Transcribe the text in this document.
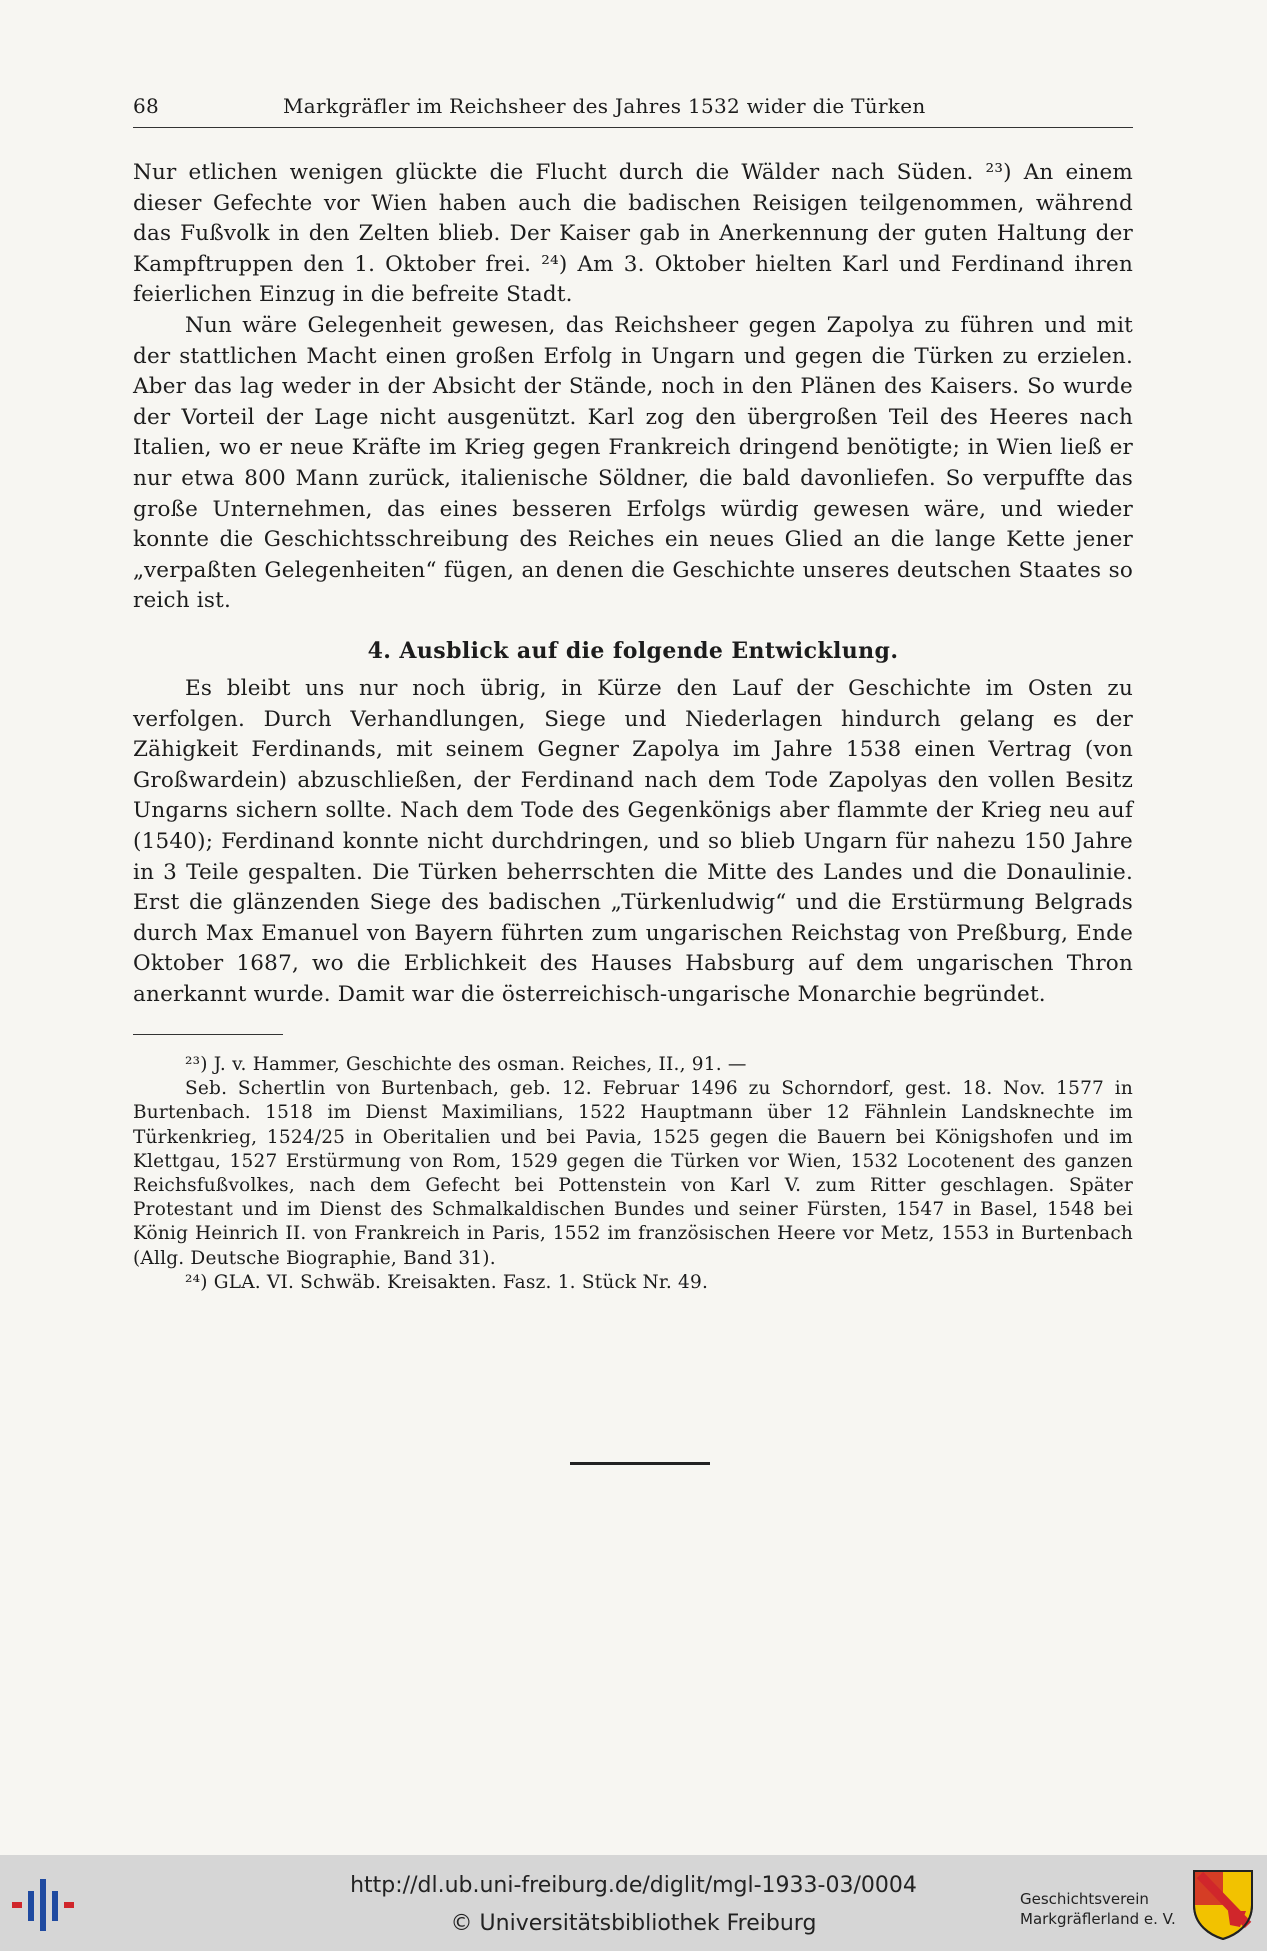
68	Markgräfler im Reichsheer des Jahres 1532 wider die Türken

Nur etlichen wenigen glückte die Flucht durch die Wälder nach Süden. ²³) An einem dieser Gefechte vor Wien haben auch die badischen Reisigen teilgenommen, während das Fußvolk in den Zelten blieb. Der Kaiser gab in Anerkennung der guten Haltung der Kampftruppen den 1. Oktober frei. ²⁴) Am 3. Oktober hielten Karl und Ferdinand ihren feierlichen Einzug in die befreite Stadt.

Nun wäre Gelegenheit gewesen, das Reichsheer gegen Zapolya zu führen und mit der stattlichen Macht einen großen Erfolg in Ungarn und gegen die Türken zu erzielen. Aber das lag weder in der Absicht der Stände, noch in den Plänen des Kaisers. So wurde der Vorteil der Lage nicht ausgenützt. Karl zog den übergroßen Teil des Heeres nach Italien, wo er neue Kräfte im Krieg gegen Frankreich dringend benötigte; in Wien ließ er nur etwa 800 Mann zurück, italienische Söldner, die bald davonliefen. So verpuffte das große Unternehmen, das eines besseren Erfolgs würdig gewesen wäre, und wieder konnte die Geschichtsschreibung des Reiches ein neues Glied an die lange Kette jener „verpaßten Gelegenheiten“ fügen, an denen die Geschichte unseres deutschen Staates so reich ist.

4. Ausblick auf die folgende Entwicklung.

Es bleibt uns nur noch übrig, in Kürze den Lauf der Geschichte im Osten zu verfolgen. Durch Verhandlungen, Siege und Niederlagen hindurch gelang es der Zähigkeit Ferdinands, mit seinem Gegner Zapolya im Jahre 1538 einen Vertrag (von Großwardein) abzuschließen, der Ferdinand nach dem Tode Zapolyas den vollen Besitz Ungarns sichern sollte. Nach dem Tode des Gegenkönigs aber flammte der Krieg neu auf (1540); Ferdinand konnte nicht durchdringen, und so blieb Ungarn für nahezu 150 Jahre in 3 Teile gespalten. Die Türken beherrschten die Mitte des Landes und die Donaulinie. Erst die glänzenden Siege des badischen „Türkenludwig“ und die Erstürmung Belgrads durch Max Emanuel von Bayern führten zum ungarischen Reichstag von Preßburg, Ende Oktober 1687, wo die Erblichkeit des Hauses Habsburg auf dem ungarischen Thron anerkannt wurde. Damit war die österreichisch-ungarische Monarchie begründet.

²³) J. v. Hammer, Geschichte des osman. Reiches, II., 91. —

Seb. Schertlin von Burtenbach, geb. 12. Februar 1496 zu Schorndorf, gest. 18. Nov. 1577 in Burtenbach. 1518 im Dienst Maximilians, 1522 Hauptmann über 12 Fähnlein Landsknechte im Türkenkrieg, 1524/25 in Oberitalien und bei Pavia, 1525 gegen die Bauern bei Königshofen und im Klettgau, 1527 Erstürmung von Rom, 1529 gegen die Türken vor Wien, 1532 Locotenent des ganzen Reichsfußvolkes, nach dem Gefecht bei Pottenstein von Karl V. zum Ritter geschlagen. Später Protestant und im Dienst des Schmalkaldischen Bundes und seiner Fürsten, 1547 in Basel, 1548 bei König Heinrich II. von Frankreich in Paris, 1552 im französischen Heere vor Metz, 1553 in Burtenbach (Allg. Deutsche Biographie, Band 31).

²⁴) GLA. VI. Schwäb. Kreisakten. Fasz. 1. Stück Nr. 49.

http://dl.ub.uni-freiburg.de/diglit/mgl-1933-03/0004
© Universitätsbibliothek Freiburg
Geschichtsverein
Markgräflerland e. V.
